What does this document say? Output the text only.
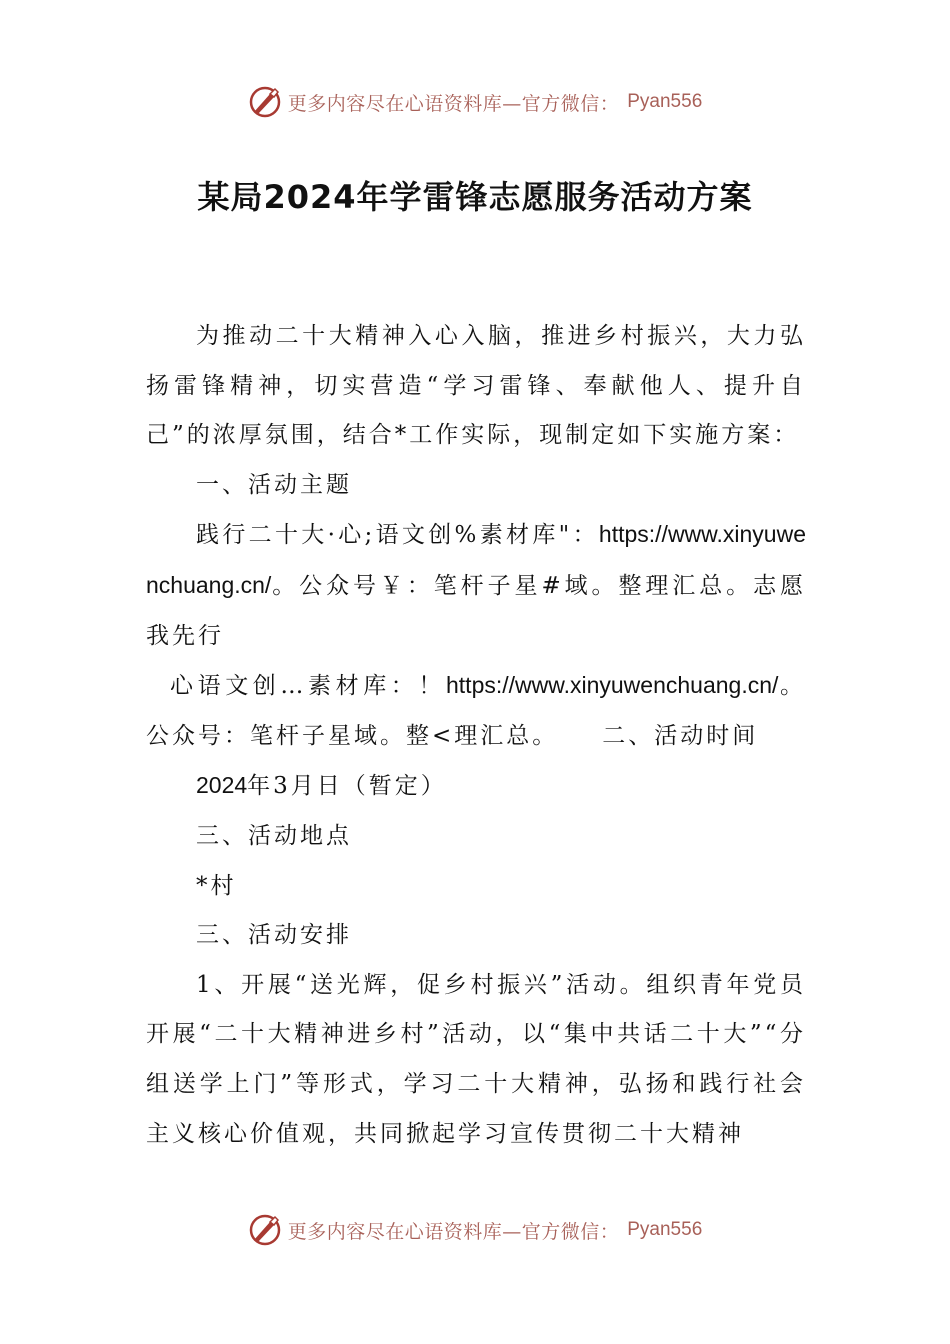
更多内容尽在心语资料库—官方微信： Pyan556
某局2024年学雷锋志愿服务活动方案

为推动二十大精神入心入脑，推进乡村振兴，大力弘扬雷锋精神，切实营造“学习雷锋、奉献他人、提升自己”的浓厚氛围，结合*工作实际，现制定如下实施方案：

一、活动主题

践行二十大·心;语文创%素材库"：https://www.xinyuwenchuang.cn/。公众号￥：笔杆子星#域。整理汇总。志愿我先行

心语文创…素材库：！https://www.xinyuwenchuang.cn/。公众号：笔杆子星域。整<理汇总。 二、活动时间

2024年3月日（暂定）

三、活动地点

*村

三、活动安排

1、开展“送光辉，促乡村振兴”活动。组织青年党员开展“二十大精神进乡村”活动，以“集中共话二十大”“分组送学上门”等形式，学习二十大精神，弘扬和践行社会主义核心价值观，共同掀起学习宣传贯彻二十大精神

更多内容尽在心语资料库—官方微信： Pyan556
